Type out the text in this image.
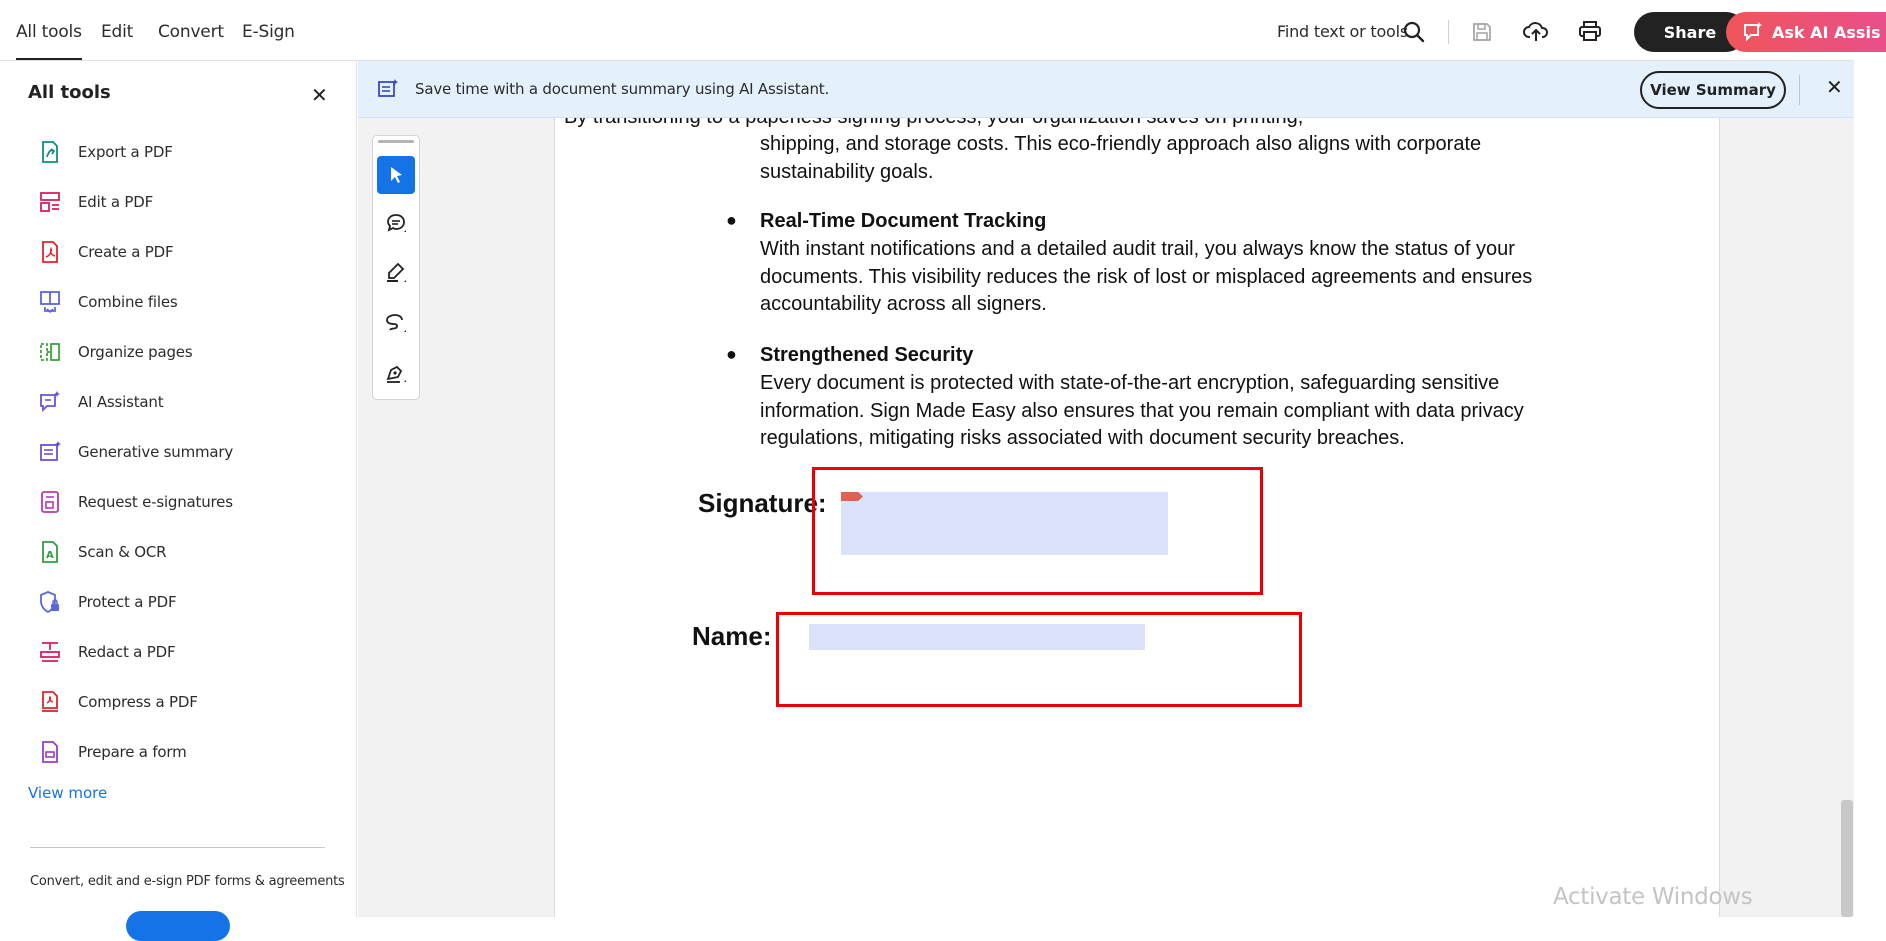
All tools Edit Convert E-Sign	Find text or tools	Share	Ask AI Assis
All tools	✕
Export a PDF
Edit a PDF
Create a PDF
Combine files
Organize pages
AI Assistant
Generative summary
Request e-signatures
A Scan & OCR
Protect a PDF
Redact a PDF
Compress a PDF
Prepare a form
View more
Convert, edit and e-sign PDF forms & agreements
Save time with a document summary using AI Assistant.	View Summary	✕

shipping, and storage costs. This eco-friendly approach also aligns with corporate
sustainability goals.

● Real-Time Document Tracking

With instant notifications and a detailed audit trail, you always know the status of your
documents. This visibility reduces the risk of lost or misplaced agreements and ensures
accountability across all signers.

● Strengthened Security

Every document is protected with state-of-the-art encryption, safeguarding sensitive
information. Sign Made Easy also ensures that you remain compliant with data privacy
regulations, mitigating risks associated with document security breaches.

Signature:
Name:
Activate Windows
